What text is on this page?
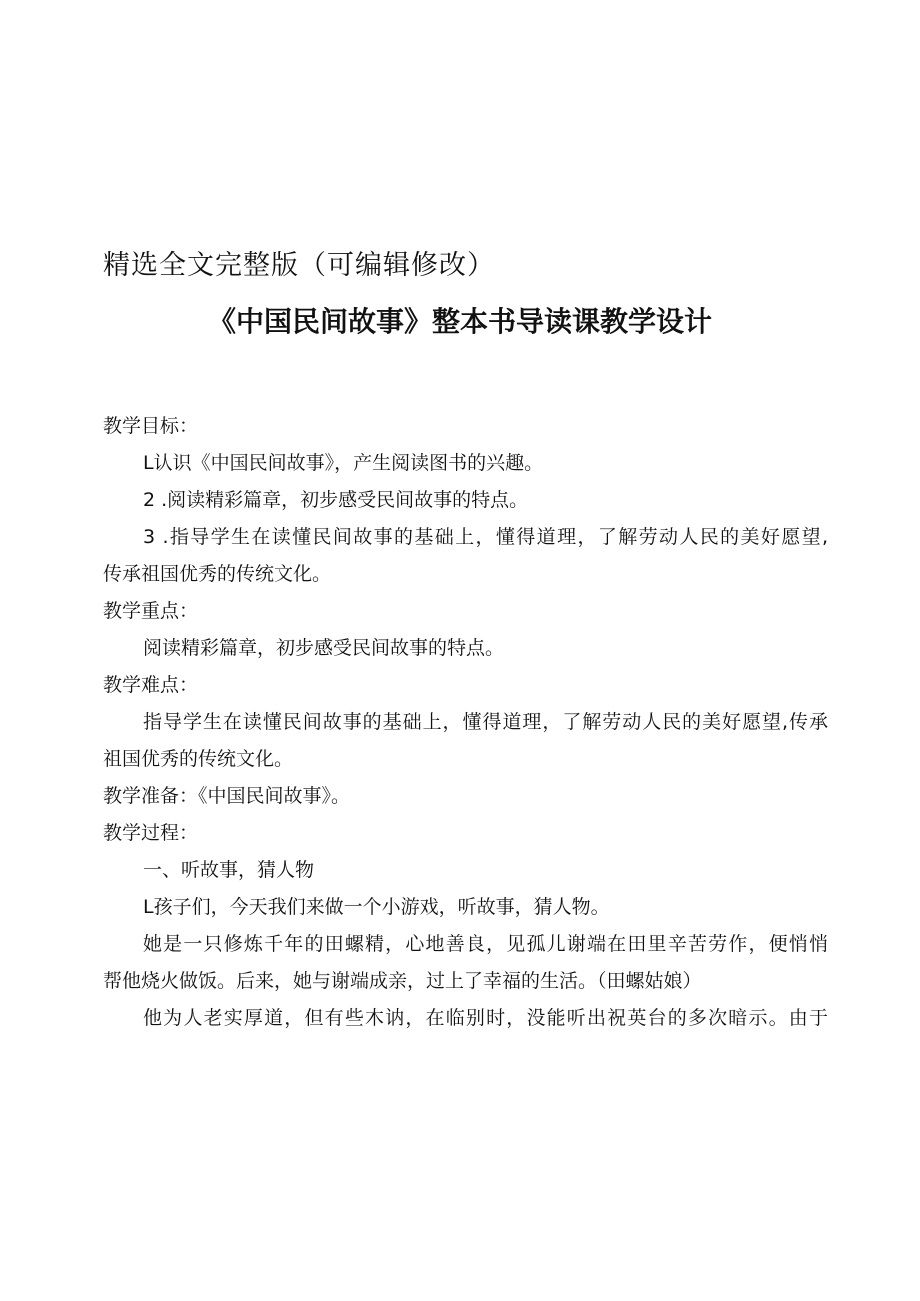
精选全文完整版（可编辑修改）
《中国民间故事》整本书导读课教学设计
教学目标：
L认识《中国民间故事》，产生阅读图书的兴趣。
2 .阅读精彩篇章，初步感受民间故事的特点。
3 .指导学生在读懂民间故事的基础上，懂得道理，了解劳动人民的美好愿望,
传承祖国优秀的传统文化。
教学重点：
阅读精彩篇章，初步感受民间故事的特点。
教学难点：
指导学生在读懂民间故事的基础上，懂得道理，了解劳动人民的美好愿望,传承
祖国优秀的传统文化。
教学准备：《中国民间故事》。
教学过程：
一、听故事，猜人物
L孩子们，今天我们来做一个小游戏，听故事，猜人物。
她是一只修炼千年的田螺精，心地善良，见孤儿谢端在田里辛苦劳作，便悄悄
帮他烧火做饭。后来，她与谢端成亲，过上了幸福的生活。（田螺姑娘）
他为人老实厚道，但有些木讷，在临别时，没能听出祝英台的多次暗示。由于
